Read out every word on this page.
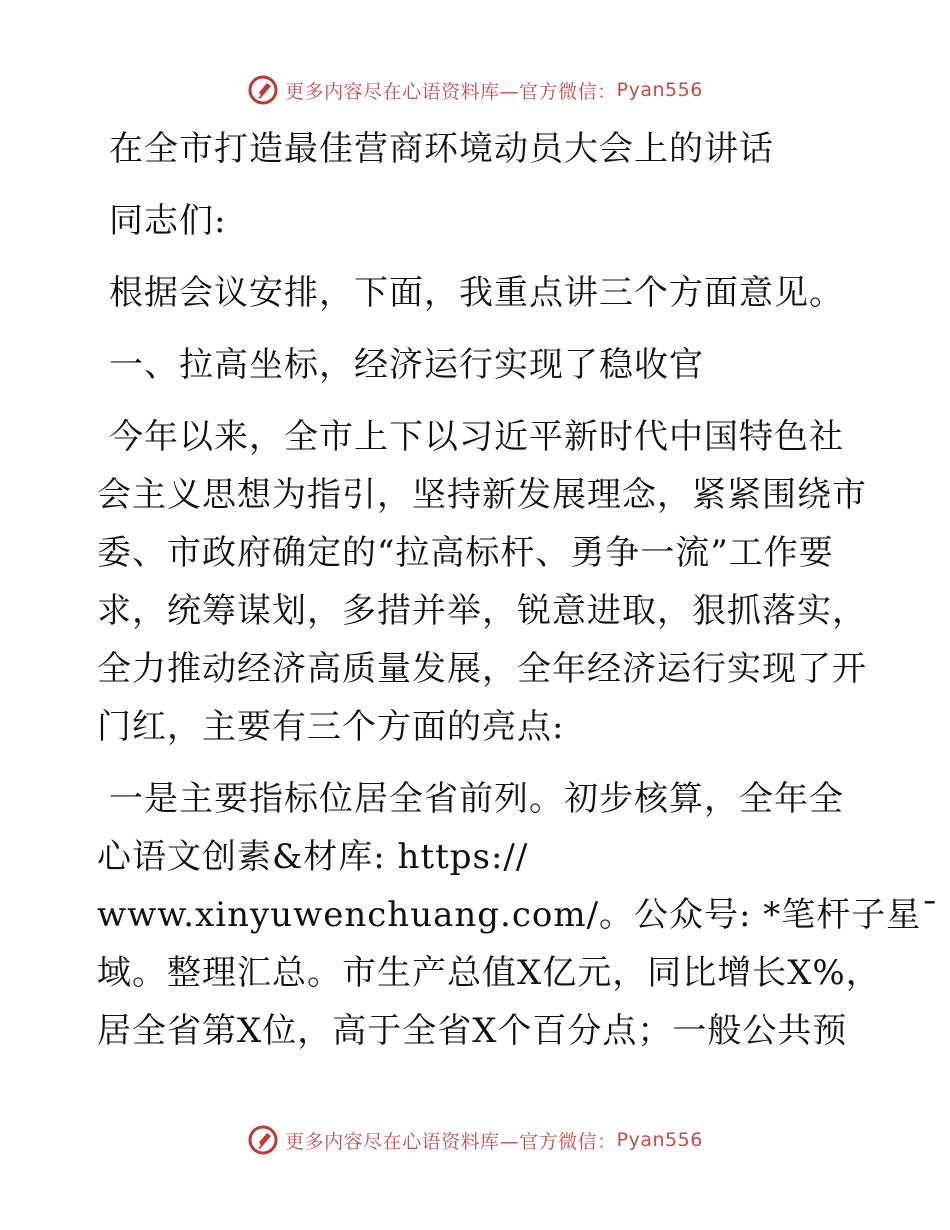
更多内容尽在心语资料库—官方微信： Pyan556
在全市打造最佳营商环境动员大会上的讲话
同志们:
根据会议安排，下面，我重点讲三个方面意见。
一、拉高坐标，经济运行实现了稳收官
今年以来，全市上下以习近平新时代中国特色社
会主义思想为指引，坚持新发展理念，紧紧围绕市
委、市政府确定的“拉高标杆、勇争一流”工作要
求，统筹谋划，多措并举，锐意进取，狠抓落实，
全力推动经济高质量发展，全年经济运行实现了开
门红，主要有三个方面的亮点:
一是主要指标位居全省前列。初步核算，全年全
心语文创素&材库: https://
www.xinyuwenchuang.com/。公众号: *笔杆子星¯
域。整理汇总。市生产总值X亿元，同比增长X%，
居全省第X位，高于全省X个百分点；一般公共预
更多内容尽在心语资料库—官方微信： Pyan556
